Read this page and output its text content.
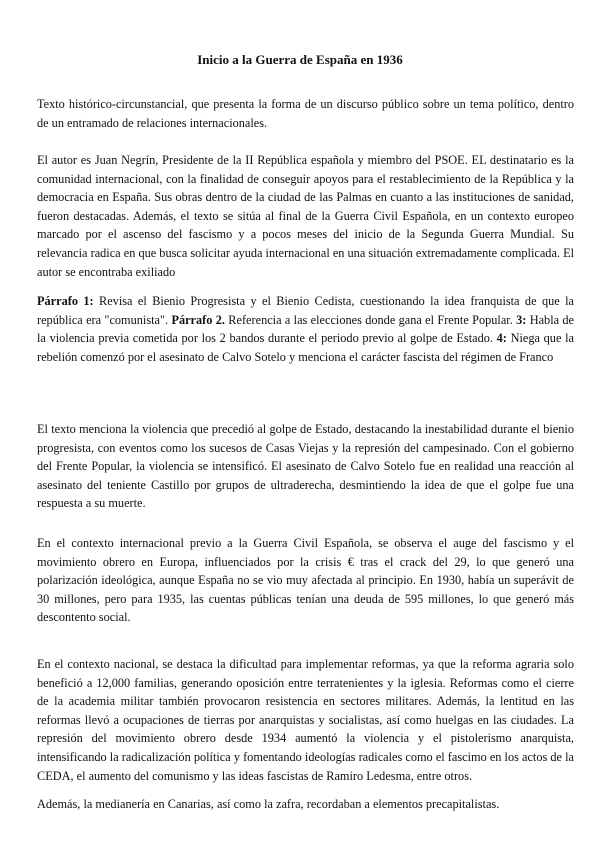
Inicio a la Guerra de España en 1936

Texto histórico-circunstancial, que presenta la forma de un discurso público sobre un tema político, dentro de un entramado de relaciones internacionales.

El autor es Juan Negrín, Presidente de la II República española y miembro del PSOE. EL destinatario es la comunidad internacional, con la finalidad de conseguir apoyos para el restablecimiento de la República y la democracia en España. Sus obras dentro de la ciudad de las Palmas en cuanto a las instituciones de sanidad, fueron destacadas. Además, el texto se sitúa al final de la Guerra Civil Española, en un contexto europeo marcado por el ascenso del fascismo y a pocos meses del inicio de la Segunda Guerra Mundial. Su relevancia radica en que busca solicitar ayuda internacional en una situación extremadamente complicada. El autor se encontraba exiliado

Párrafo 1: Revisa el Bienio Progresista y el Bienio Cedista, cuestionando la idea franquista de que la república era "comunista". Párrafo 2. Referencia a las elecciones donde gana el Frente Popular. 3: Habla de la violencia previa cometida por los 2 bandos durante el periodo previo al golpe de Estado. 4: Niega que la rebelión comenzó por el asesinato de Calvo Sotelo y menciona el carácter fascista del régimen de Franco

El texto menciona la violencia que precedió al golpe de Estado, destacando la inestabilidad durante el bienio progresista, con eventos como los sucesos de Casas Viejas y la represión del campesinado. Con el gobierno del Frente Popular, la violencia se intensificó. El asesinato de Calvo Sotelo fue en realidad una reacción al asesinato del teniente Castillo por grupos de ultraderecha, desmintiendo la idea de que el golpe fue una respuesta a su muerte.

En el contexto internacional previo a la Guerra Civil Española, se observa el auge del fascismo y el movimiento obrero en Europa, influenciados por la crisis € tras el crack del 29, lo que generó una polarización ideológica, aunque España no se vio muy afectada al principio. En 1930, había un superávit de 30 millones, pero para 1935, las cuentas públicas tenían una deuda de 595 millones, lo que generó más descontento social.

En el contexto nacional, se destaca la dificultad para implementar reformas, ya que la reforma agraria solo benefició a 12,000 familias, generando oposición entre terratenientes y la iglesia. Reformas como el cierre de la academia militar también provocaron resistencia en sectores militares. Además, la lentitud en las reformas llevó a ocupaciones de tierras por anarquistas y socialistas, así como huelgas en las ciudades. La represión del movimiento obrero desde 1934 aumentó la violencia y el pistolerismo anarquista, intensificando la radicalización política y fomentando ideologías radicales como el fascimo en los actos de la CEDA, el aumento del comunismo y las ideas fascistas de Ramiro Ledesma, entre otros.

Además, la medianería en Canarias, así como la zafra, recordaban a elementos precapitalistas.
